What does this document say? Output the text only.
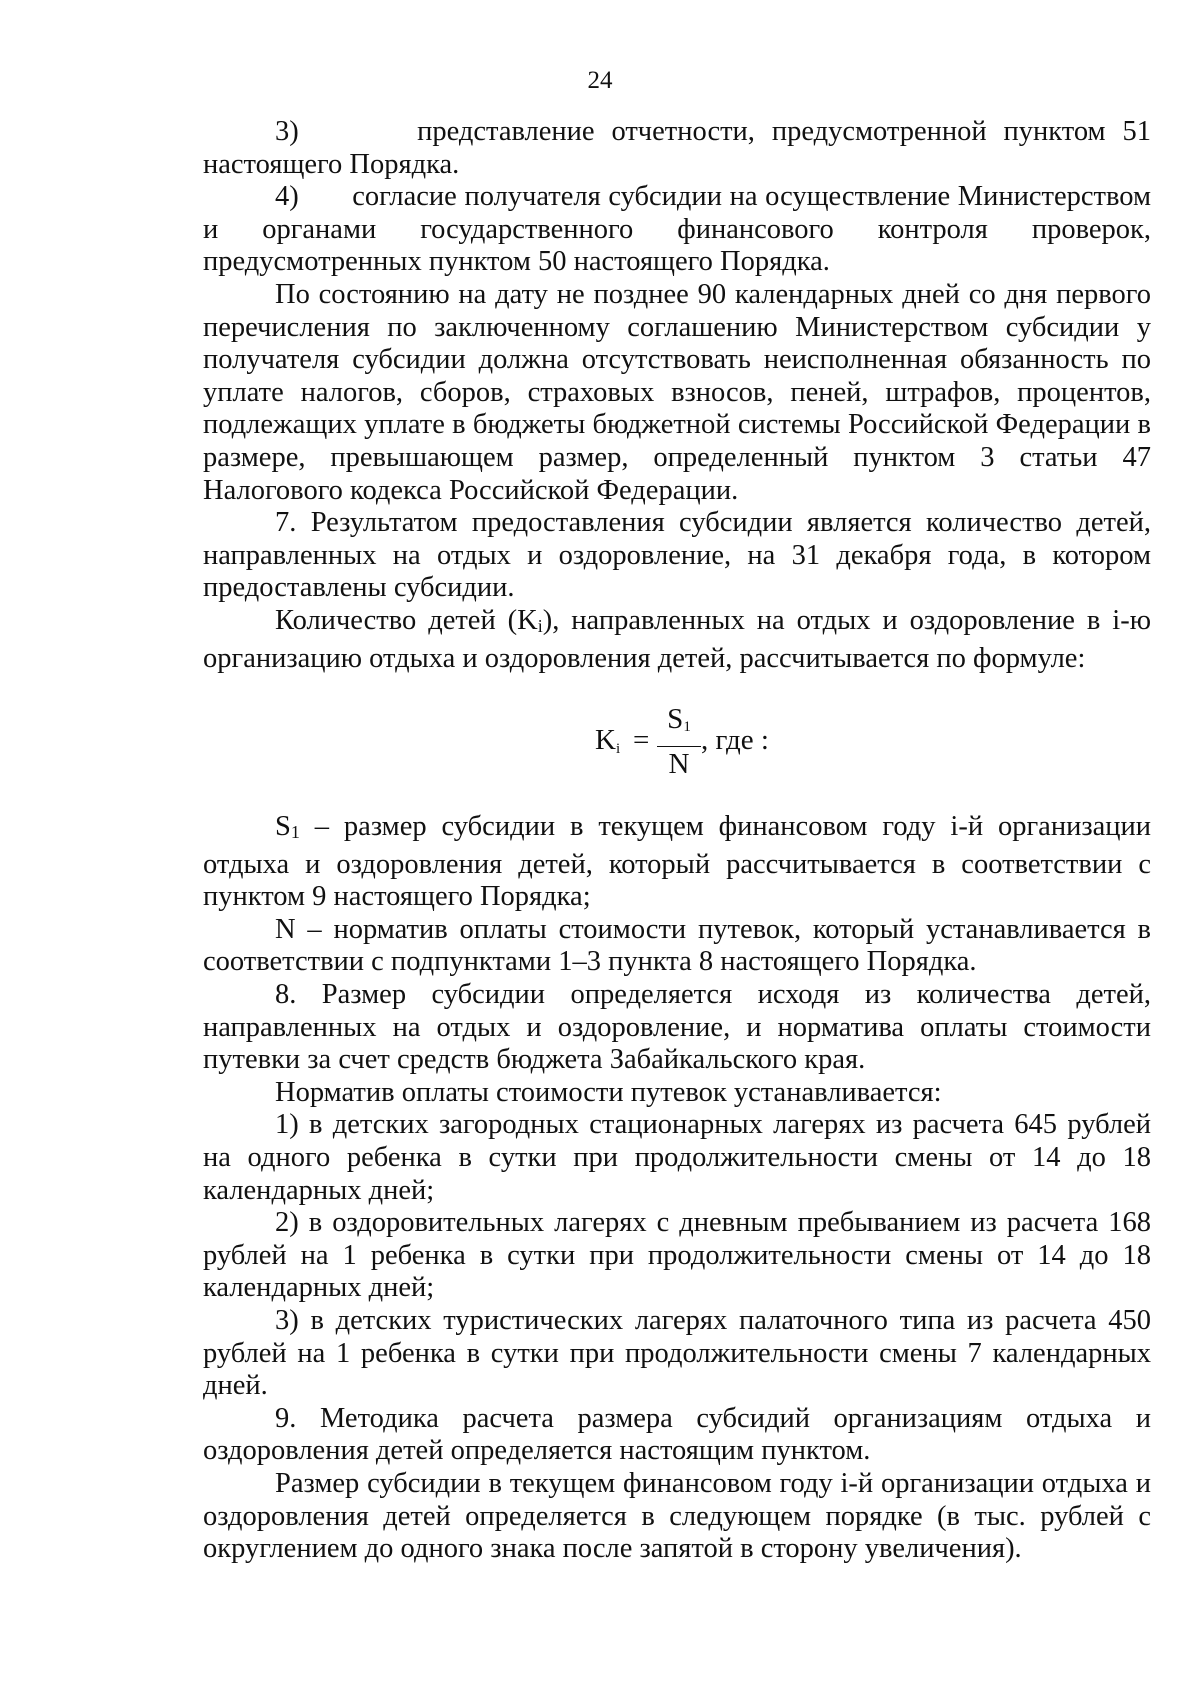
24

3)       представление отчетности, предусмотренной пунктом 51 настоящего Порядка.

4)       согласие получателя субсидии на осуществление Министерством и органами государственного финансового контроля проверок, предусмотренных пунктом 50 настоящего Порядка.

По состоянию на дату не позднее 90 календарных дней со дня первого перечисления по заключенному соглашению Министерством субсидии у получателя субсидии должна отсутствовать неисполненная обязанность по уплате налогов, сборов, страховых взносов, пеней, штрафов, процентов, подлежащих уплате в бюджеты бюджетной системы Российской Федерации в размере, превышающем размер, определенный пунктом 3 статьи 47 Налогового кодекса Российской Федерации.

7. Результатом предоставления субсидии является количество детей, направленных на отдых и оздоровление, на 31 декабря года, в котором предоставлены субсидии.

Количество детей $(K_i)$, направленных на отдых и оздоровление в i-ю организацию отдыха и оздоровления детей, рассчитывается по формуле:

$K_i$ =
$S_1$
N
, где :

$S_1$ – размер субсидии в текущем финансовом году i-й организации отдыха и оздоровления детей, который рассчитывается в соответствии с пунктом 9 настоящего Порядка;

N – норматив оплаты стоимости путевок, который устанавливается в соответствии с подпунктами 1–3 пункта 8 настоящего Порядка.

8. Размер субсидии определяется исходя из количества детей, направленных на отдых и оздоровление, и норматива оплаты стоимости путевки за счет средств бюджета Забайкальского края.

Норматив оплаты стоимости путевок устанавливается:

1) в детских загородных стационарных лагерях из расчета 645 рублей на одного ребенка в сутки при продолжительности смены от 14 до 18 календарных дней;

2) в оздоровительных лагерях с дневным пребыванием из расчета 168 рублей на 1 ребенка в сутки при продолжительности смены от 14 до 18 календарных дней;

3) в детских туристических лагерях палаточного типа из расчета 450 рублей на 1 ребенка в сутки при продолжительности смены 7 календарных дней.

9. Методика расчета размера субсидий организациям отдыха и оздоровления детей определяется настоящим пунктом.

Размер субсидии в текущем финансовом году i-й организации отдыха и оздоровления детей определяется в следующем порядке (в тыс. рублей с округлением до одного знака после запятой в сторону увеличения).
